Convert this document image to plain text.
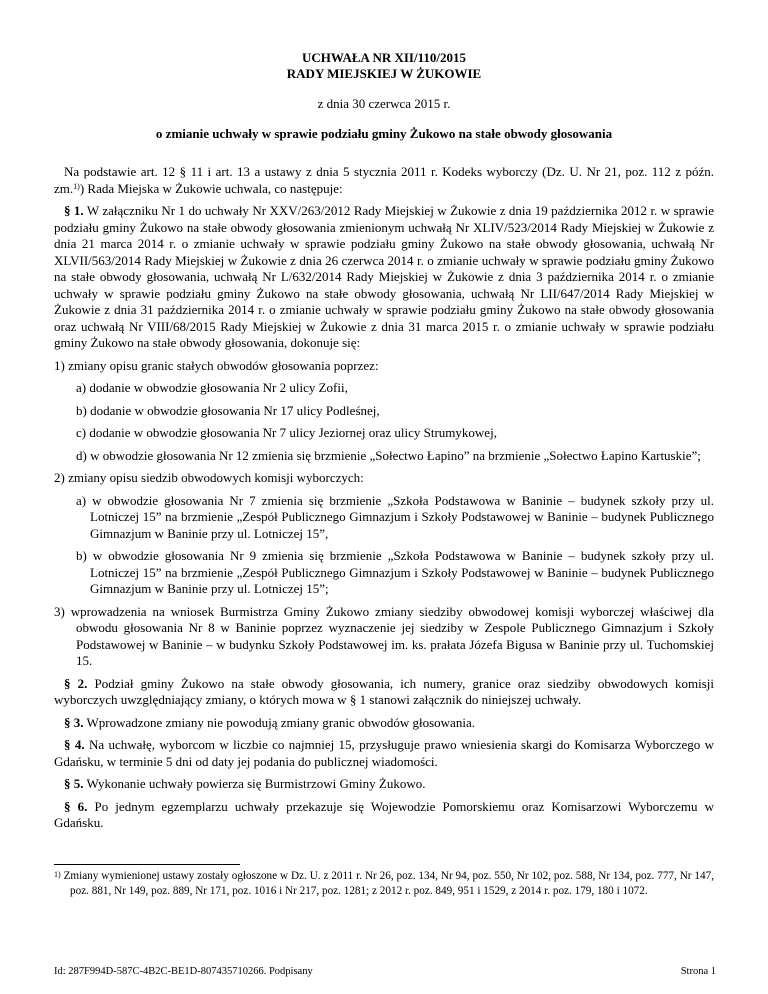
UCHWAŁA NR XII/110/2015
RADY MIEJSKIEJ W ŻUKOWIE
z dnia 30 czerwca 2015 r.
o zmianie uchwały w sprawie podziału gminy Żukowo na stałe obwody głosowania

Na podstawie art. 12 § 11 i art. 13 a ustawy z dnia 5 stycznia 2011 r. Kodeks wyborczy (Dz. U. Nr 21, poz. 112 z późn. zm.$^{1)}$) Rada Miejska w Żukowie uchwala, co następuje:

§ 1. W załączniku Nr 1 do uchwały Nr XXV/263/2012 Rady Miejskiej w Żukowie z dnia 19 października 2012 r. w sprawie podziału gminy Żukowo na stałe obwody głosowania zmienionym uchwałą Nr XLIV/523/2014 Rady Miejskiej w Żukowie z dnia 21 marca 2014 r. o zmianie uchwały w sprawie podziału gminy Żukowo na stałe obwody głosowania, uchwałą Nr XLVII/563/2014 Rady Miejskiej w Żukowie z dnia 26 czerwca 2014 r. o zmianie uchwały w sprawie podziału gminy Żukowo na stałe obwody głosowania, uchwałą Nr L/632/2014 Rady Miejskiej w Żukowie z dnia 3 października 2014 r. o zmianie uchwały w sprawie podziału gminy Żukowo na stałe obwody głosowania, uchwałą Nr LII/647/2014 Rady Miejskiej w Żukowie z dnia 31 października 2014 r. o zmianie uchwały w sprawie podziału gminy Żukowo na stałe obwody głosowania oraz uchwałą Nr VIII/68/2015 Rady Miejskiej w Żukowie z dnia 31 marca 2015 r. o zmianie uchwały w sprawie podziału gminy Żukowo na stałe obwody głosowania, dokonuje się:

1) zmiany opisu granic stałych obwodów głosowania poprzez:

a) dodanie w obwodzie głosowania Nr 2 ulicy Zofii,

b) dodanie w obwodzie głosowania Nr 17 ulicy Podleśnej,

c) dodanie w obwodzie głosowania Nr 7 ulicy Jeziornej oraz ulicy Strumykowej,

d) w obwodzie głosowania Nr 12 zmienia się brzmienie „Sołectwo Łapino” na brzmienie „Sołectwo Łapino Kartuskie”;

2) zmiany opisu siedzib obwodowych komisji wyborczych:

a) w obwodzie głosowania Nr 7 zmienia się brzmienie „Szkoła Podstawowa w Baninie – budynek szkoły przy ul. Lotniczej 15” na brzmienie „Zespół Publicznego Gimnazjum i Szkoły Podstawowej w Baninie – budynek Publicznego Gimnazjum w Baninie przy ul. Lotniczej 15”,

b) w obwodzie głosowania Nr 9 zmienia się brzmienie „Szkoła Podstawowa w Baninie – budynek szkoły przy ul. Lotniczej 15” na brzmienie „Zespół Publicznego Gimnazjum i Szkoły Podstawowej w Baninie – budynek Publicznego Gimnazjum w Baninie przy ul. Lotniczej 15”;

3) wprowadzenia na wniosek Burmistrza Gminy Żukowo zmiany siedziby obwodowej komisji wyborczej właściwej dla obwodu głosowania Nr 8 w Baninie poprzez wyznaczenie jej siedziby w Zespole Publicznego Gimnazjum i Szkoły Podstawowej w Baninie – w budynku Szkoły Podstawowej im. ks. prałata Józefa Bigusa w Baninie przy ul. Tuchomskiej 15.

§ 2. Podział gminy Żukowo na stałe obwody głosowania, ich numery, granice oraz siedziby obwodowych komisji wyborczych uwzględniający zmiany, o których mowa w § 1 stanowi załącznik do niniejszej uchwały.

§ 3. Wprowadzone zmiany nie powodują zmiany granic obwodów głosowania.

§ 4. Na uchwałę, wyborcom w liczbie co najmniej 15, przysługuje prawo wniesienia skargi do Komisarza Wyborczego w Gdańsku, w terminie 5 dni od daty jej podania do publicznej wiadomości.

§ 5. Wykonanie uchwały powierza się Burmistrzowi Gminy Żukowo.

§ 6. Po jednym egzemplarzu uchwały przekazuje się Wojewodzie Pomorskiemu oraz Komisarzowi Wyborczemu w Gdańsku.

$^{1)}$ Zmiany wymienionej ustawy zostały ogłoszone w Dz. U. z 2011 r. Nr 26, poz. 134, Nr 94, poz. 550, Nr 102, poz. 588, Nr 134, poz. 777, Nr 147, poz. 881, Nr 149, poz. 889, Nr 171, poz. 1016 i Nr 217, poz. 1281; z 2012 r. poz. 849, 951 i 1529, z 2014 r. poz. 179, 180 i 1072.
Id: 287F994D-587C-4B2C-BE1D-807435710266. Podpisany	Strona 1
